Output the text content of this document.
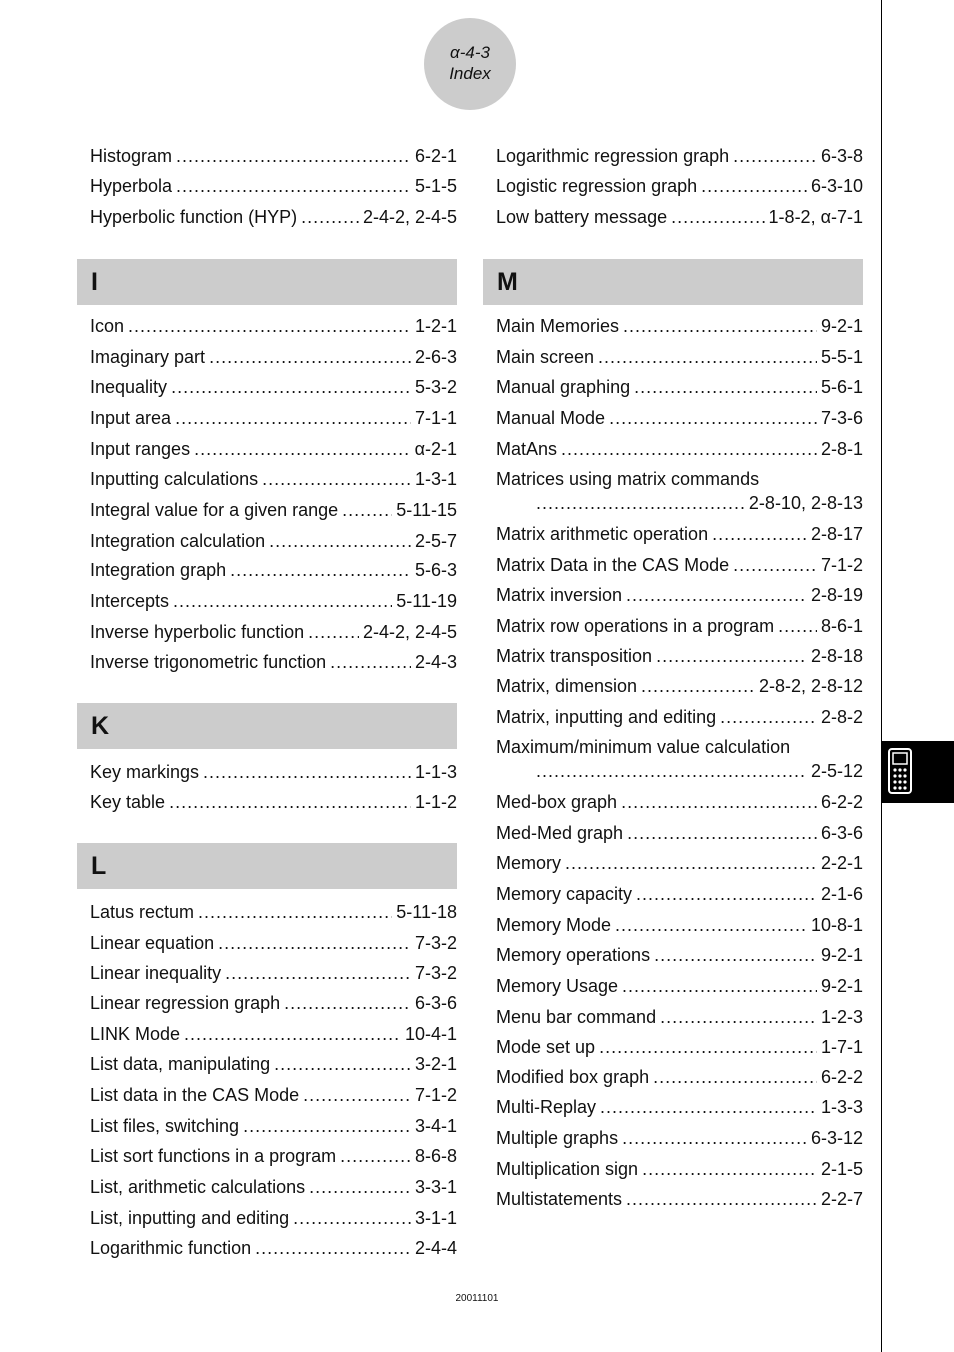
α-4-3
Index
Histogram .....	6-2-1
Hyperbola .....	5-1-5
Hyperbolic function (HYP) .....	2-4-2, 2-4-5
I
Icon .....	1-2-1
Imaginary part .....	2-6-3
Inequality .....	5-3-2
Input area .....	7-1-1
Input ranges .....	α-2-1
Inputting calculations .....	1-3-1
Integral value for a given range .....	5-11-15
Integration calculation .....	2-5-7
Integration graph .....	5-6-3
Intercepts .....	5-11-19
Inverse hyperbolic function .....	2-4-2, 2-4-5
Inverse trigonometric function .....	2-4-3
K
Key markings .....	1-1-3
Key table .....	1-1-2
L
Latus rectum .....	5-11-18
Linear equation .....	7-3-2
Linear inequality .....	7-3-2
Linear regression graph .....	6-3-6
LINK Mode .....	10-4-1
List data, manipulating .....	3-2-1
List data in the CAS Mode .....	7-1-2
List files, switching .....	3-4-1
List sort functions in a program .....	8-6-8
List, arithmetic calculations .....	3-3-1
List, inputting and editing .....	3-1-1
Logarithmic function .....	2-4-4
Logarithmic regression graph .....	6-3-8
Logistic regression graph .....	6-3-10
Low battery message .....	1-8-2, α-7-1
M
Main Memories .....	9-2-1
Main screen .....	5-5-1
Manual graphing .....	5-6-1
Manual Mode .....	7-3-6
MatAns .....	2-8-1
Matrices using matrix commands
.....
2-8-10, 2-8-13
Matrix arithmetic operation .....	2-8-17
Matrix Data in the CAS Mode .....	7-1-2
Matrix inversion .....	2-8-19
Matrix row operations in a program .....	8-6-1
Matrix transposition .....	2-8-18
Matrix, dimension .....	2-8-2, 2-8-12
Matrix, inputting and editing .....	2-8-2
Maximum/minimum value calculation
.....
2-5-12
Med-box graph .....	6-2-2
Med-Med graph .....	6-3-6
Memory .....	2-2-1
Memory capacity .....	2-1-6
Memory Mode .....	10-8-1
Memory operations .....	9-2-1
Memory Usage .....	9-2-1
Menu bar command .....	1-2-3
Mode set up .....	1-7-1
Modified box graph .....	6-2-2
Multi-Replay .....	1-3-3
Multiple graphs .....	6-3-12
Multiplication sign .....	2-1-5
Multistatements .....	2-2-7
20011101
